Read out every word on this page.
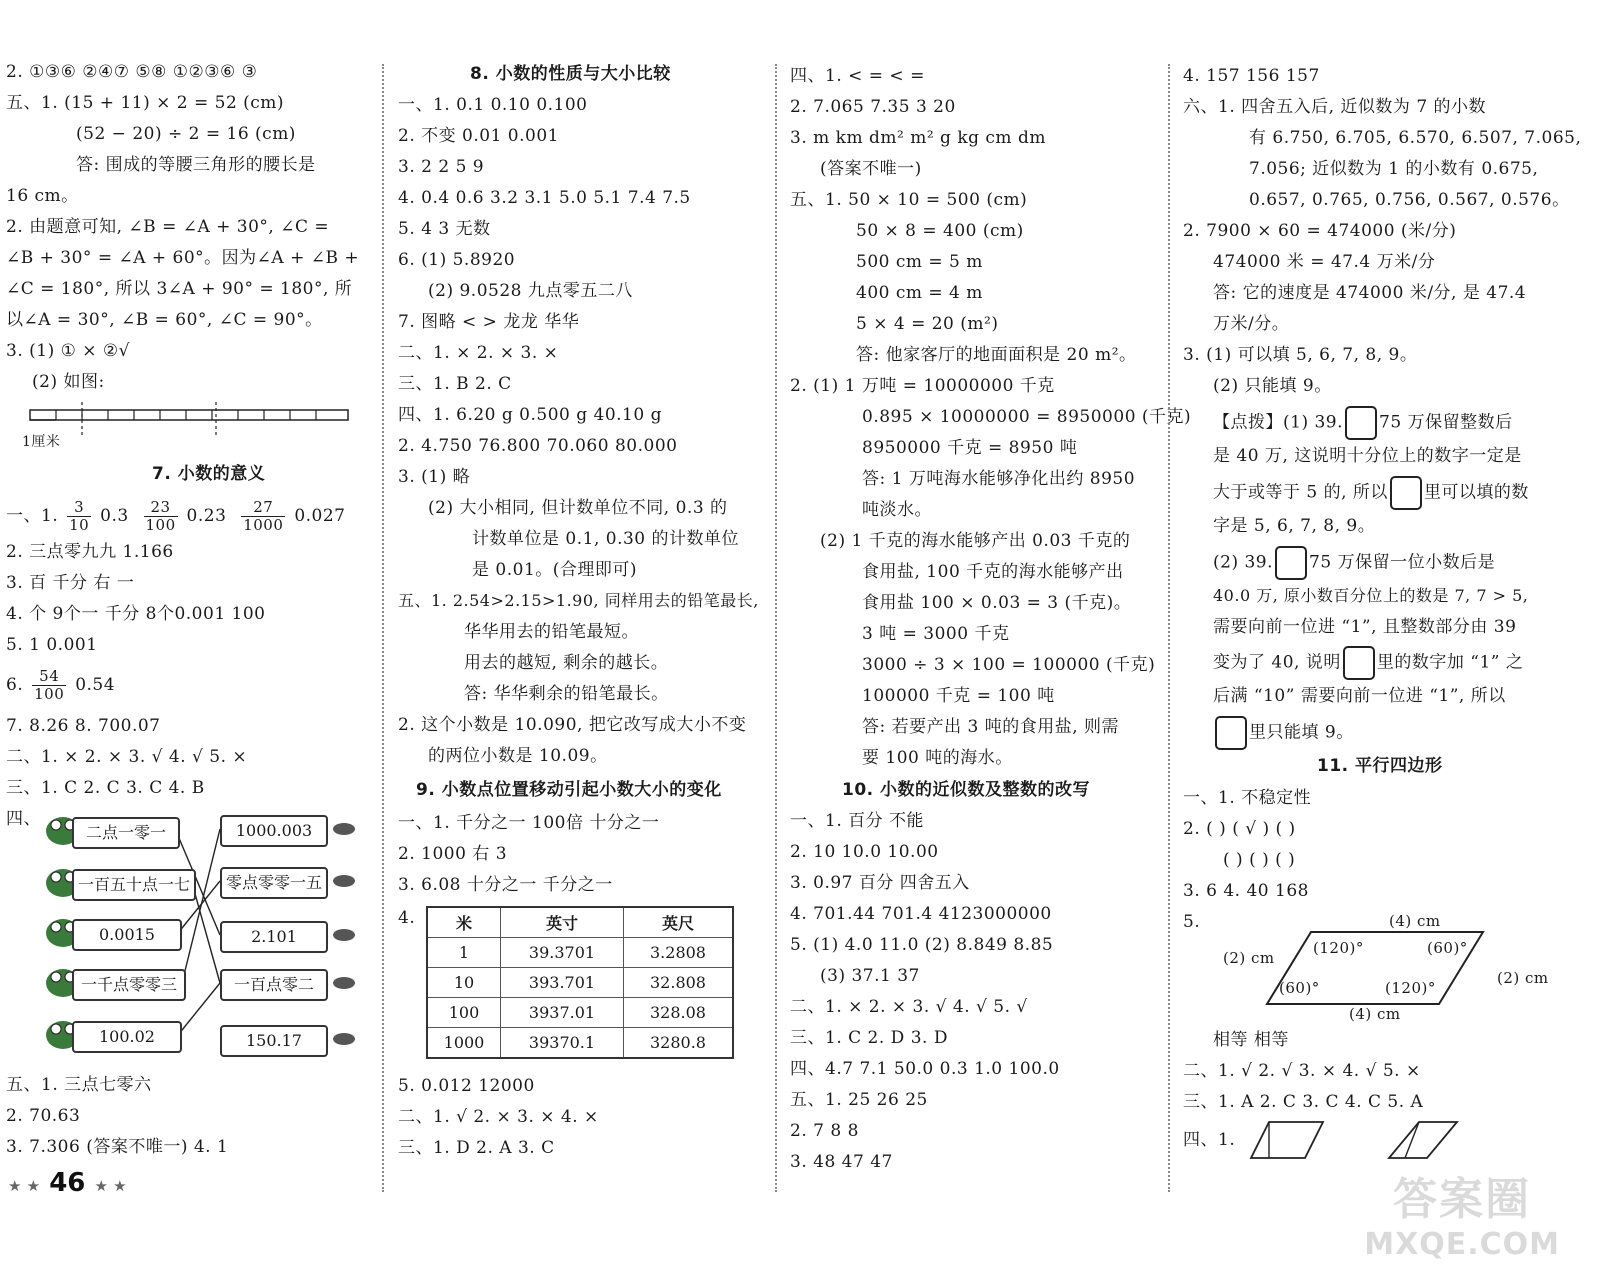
2. ①③⑥ ②④⑦ ⑤⑧ ①②③⑥ ③
五、1. (15 + 11) × 2 = 52 (cm)
(52 − 20) ÷ 2 = 16 (cm)
答: 围成的等腰三角形的腰长是
16 cm。
2. 由题意可知, ∠B = ∠A + 30°, ∠C =
∠B + 30° = ∠A + 60°。因为∠A + ∠B +
∠C = 180°, 所以 3∠A + 90° = 180°, 所
以∠A = 30°, ∠B = 60°, ∠C = 90°。
3. (1) ① × ②√
(2) 如图:
1厘米
7. 小数的意义
一、1. $\frac{3}{10} 0.3 \frac{23}{100} 0.23 \frac{27}{1000} 0.027$
2. 三点零九九 1.166
3. 百 千分 右 一
4. 个 9个一 千分 8个0.001 100
5. 1 0.001
6. $\frac{54}{100} 0.54$
7. 8.26 8. 700.07
二、1. × 2. × 3. √ 4. √ 5. ×
三、1. C 2. C 3. C 4. B
四、
二点一零一
一百五十点一七
0.0015
一千点零零三
100.02
1000.003
零点零零一五
2.101
一百点零二
150.17
五、1. 三点七零六
2. 70.63
3. 7.306 (答案不唯一) 4. 1
8. 小数的性质与大小比较
一、1. 0.1 0.10 0.100
2. 不变 0.01 0.001
3. 2 2 5 9
4. 0.4 0.6 3.2 3.1 5.0 5.1 7.4 7.5
5. 4 3 无数
6. (1) 5.8920
(2) 9.0528 九点零五二八
7. 图略 < > 龙龙 华华
二、1. × 2. × 3. ×
三、1. B 2. C
四、1. 6.20 g 0.500 g 40.10 g
2. 4.750 76.800 70.060 80.000
3. (1) 略
(2) 大小相同, 但计数单位不同, 0.3 的
计数单位是 0.1, 0.30 的计数单位
是 0.01。(合理即可)
五、1. 2.54>2.15>1.90, 同样用去的铅笔最长,
华华用去的铅笔最短。
用去的越短, 剩余的越长。
答: 华华剩余的铅笔最长。
2. 这个小数是 10.090, 把它改写成大小不变
的两位小数是 10.09。
9. 小数点位置移动引起小数大小的变化
一、1. 千分之一 100倍 十分之一
2. 1000 右 3
3. 6.08 十分之一 千分之一
4.	米	英寸	英尺
1	39.3701	3.2808
10	393.701	32.808
100	3937.01	328.08
1000	39370.1	3280.8
5. 0.012 12000
二、1. √ 2. × 3. × 4. ×
三、1. D 2. A 3. C
四、1. < = < =
2. 7.065 7.35 3 20
3. m km dm² m² g kg cm dm
(答案不唯一)
五、1. 50 × 10 = 500 (cm)
50 × 8 = 400 (cm)
500 cm = 5 m
400 cm = 4 m
5 × 4 = 20 (m²)
答: 他家客厅的地面面积是 20 m²。
2. (1) 1 万吨 = 10000000 千克
0.895 × 10000000 = 8950000 (千克)
8950000 千克 = 8950 吨
答: 1 万吨海水能够净化出约 8950
吨淡水。
(2) 1 千克的海水能够产出 0.03 千克的
食用盐, 100 千克的海水能够产出
食用盐 100 × 0.03 = 3 (千克)。
3 吨 = 3000 千克
3000 ÷ 3 × 100 = 100000 (千克)
100000 千克 = 100 吨
答: 若要产出 3 吨的食用盐, 则需
要 100 吨的海水。
10. 小数的近似数及整数的改写
一、1. 百分 不能
2. 10 10.0 10.00
3. 0.97 百分 四舍五入
4. 701.44 701.4 4123000000
5. (1) 4.0 11.0 (2) 8.849 8.85
(3) 37.1 37
二、1. × 2. × 3. √ 4. √ 5. √
三、1. C 2. D 3. D
四、4.7 7.1 50.0 0.3 1.0 100.0
五、1. 25 26 25
2. 7 8 8
3. 48 47 47
4. 157 156 157
六、1. 四舍五入后, 近似数为 7 的小数
有 6.750, 6.705, 6.570, 6.507, 7.065,
7.056; 近似数为 1 的小数有 0.675,
0.657, 0.765, 0.756, 0.567, 0.576。
2. 7900 × 60 = 474000 (米/分)
474000 米 = 47.4 万米/分
答: 它的速度是 474000 米/分, 是 47.4
万米/分。
3. (1) 可以填 5, 6, 7, 8, 9。
(2) 只能填 9。
【点拨】(1) 39. 75 万保留整数后
是 40 万, 这说明十分位上的数字一定是
大于或等于 5 的, 所以 里可以填的数
字是 5, 6, 7, 8, 9。
(2) 39. 75 万保留一位小数后是
40.0 万, 原小数百分位上的数是 7, 7 > 5,
需要向前一位进 “1”, 且整数部分由 39
变为了 40, 说明 里的数字加 “1” 之
后满 “10” 需要向前一位进 “1”, 所以
里只能填 9。
11. 平行四边形
一、1. 不稳定性
2. ( ) ( √ ) ( )
( ) ( ) ( )
3. 6 4. 40 168
5.	(4) cm
(4) cm
(2) cm
(2) cm
(120)°	(60)°
(60)°	(120)°
相等 相等
二、1. √ 2. √ 3. × 4. √ 5. ×
三、1. A 2. C 3. C 4. C 5. A
四、1.
★ ★ 46 ★ ★	答案圈
MXQE.COM
